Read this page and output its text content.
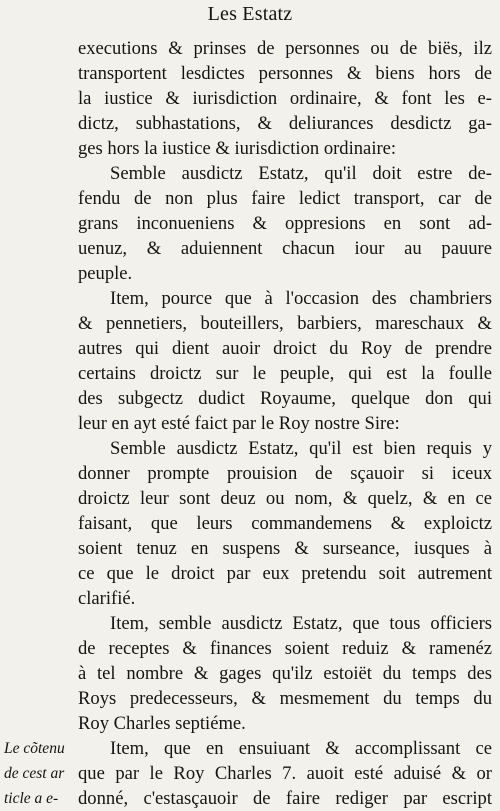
Les Estatz
executions & prinses de personnes ou de biës, ilz
transportent lesdictes personnes & biens hors de
la iustice & iurisdiction ordinaire, & font les e-
dictz, subhastations, & deliurances desdictz ga-
ges hors la iustice & iurisdiction ordinaire:
Semble ausdictz Estatz, qu'il doit estre de-
fendu de non plus faire ledict transport, car de
grans inconueniens & oppresions en sont ad-
uenuz, & aduiennent chacun iour au pauure
peuple.
Item, pource que à l'occasion des chambriers
& pennetiers, bouteillers, barbiers, mareschaux &
autres qui dient auoir droict du Roy de prendre
certains droictz sur le peuple, qui est la foulle
des subgectz dudict Royaume, quelque don qui
leur en ayt esté faict par le Roy nostre Sire:
Semble ausdictz Estatz, qu'il est bien requis y
donner prompte prouision de sçauoir si iceux
droictz leur sont deuz ou nom, & quelz, & en ce
faisant, que leurs commandemens & exploictz
soient tenuz en suspens & surseance, iusques à
ce que le droict par eux pretendu soit autrement
clarifié.
Item, semble ausdictz Estatz, que tous officiers
de receptes & finances soient reduiz & ramenéz
à tel nombre & gages qu'ilz estoiët du temps des
Roys predecesseurs, & mesmement du temps du
Roy Charles septiéme.
Item, que en ensuiuant & accomplissant ce
que par le Roy Charles 7. auoit esté aduisé & or
donné, c'estasçauoir de faire rediger par escript
Le cõtenu
de cest ar
ticle a e-
